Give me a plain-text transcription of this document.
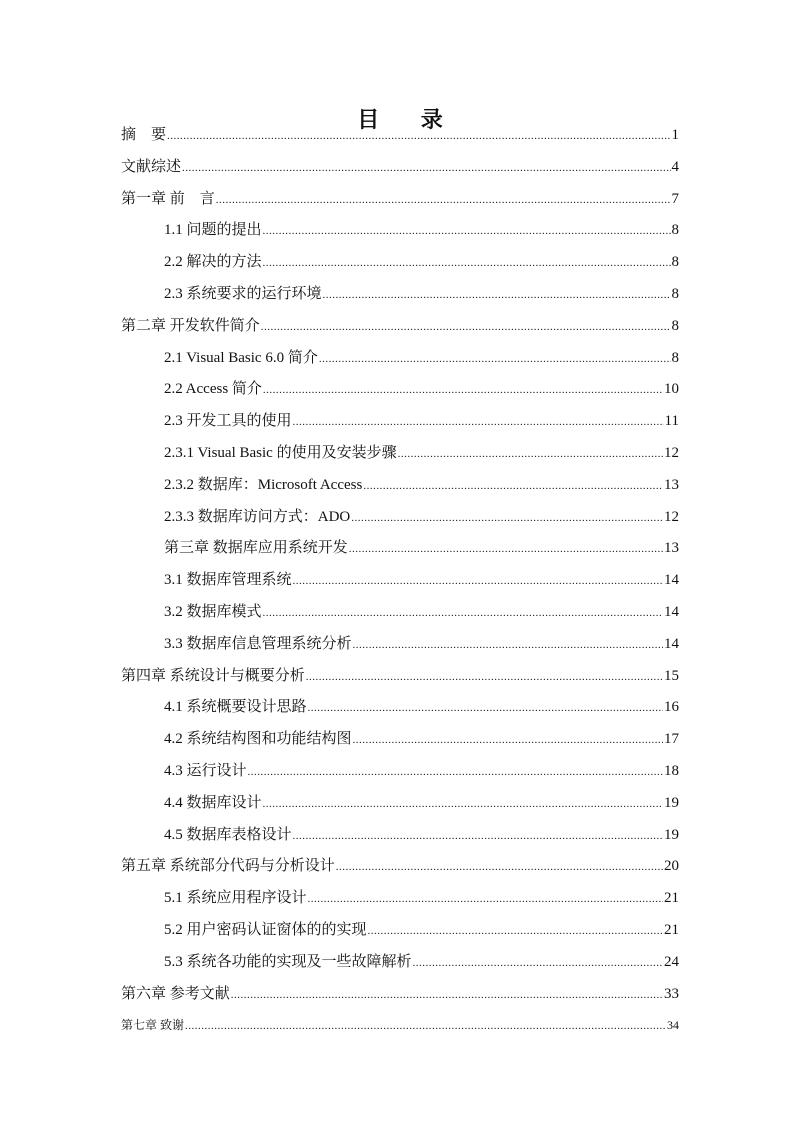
目 录
摘　要 .....	1
文献综述 .....	4
第一章 前　言 .....	7
1.1 问题的提出 .....	8
2.2 解决的方法 .....	8
2.3 系统要求的运行环境 .....	8
第二章 开发软件简介 .....	8
2.1 Visual Basic 6.0 简介 .....	8
2.2 Access 简介 .....	10
2.3 开发工具的使用 .....	11
2.3.1 Visual Basic 的使用及安装步骤 .....	12
2.3.2 数据库：Microsoft Access .....	13
2.3.3 数据库访问方式：ADO .....	12
第三章 数据库应用系统开发 .....	13
3.1 数据库管理系统 .....	14
3.2 数据库模式 .....	14
3.3 数据库信息管理系统分析 .....	14
第四章 系统设计与概要分析 .....	15
4.1 系统概要设计思路 .....	16
4.2 系统结构图和功能结构图 .....	17
4.3 运行设计 .....	18
4.4 数据库设计 .....	19
4.5 数据库表格设计 .....	19
第五章 系统部分代码与分析设计 .....	20
5.1 系统应用程序设计 .....	21
5.2 用户密码认证窗体的的实现 .....	21
5.3 系统各功能的实现及一些故障解析 .....	24
第六章 参考文献 .....	33
第七章 致谢 .....	34
